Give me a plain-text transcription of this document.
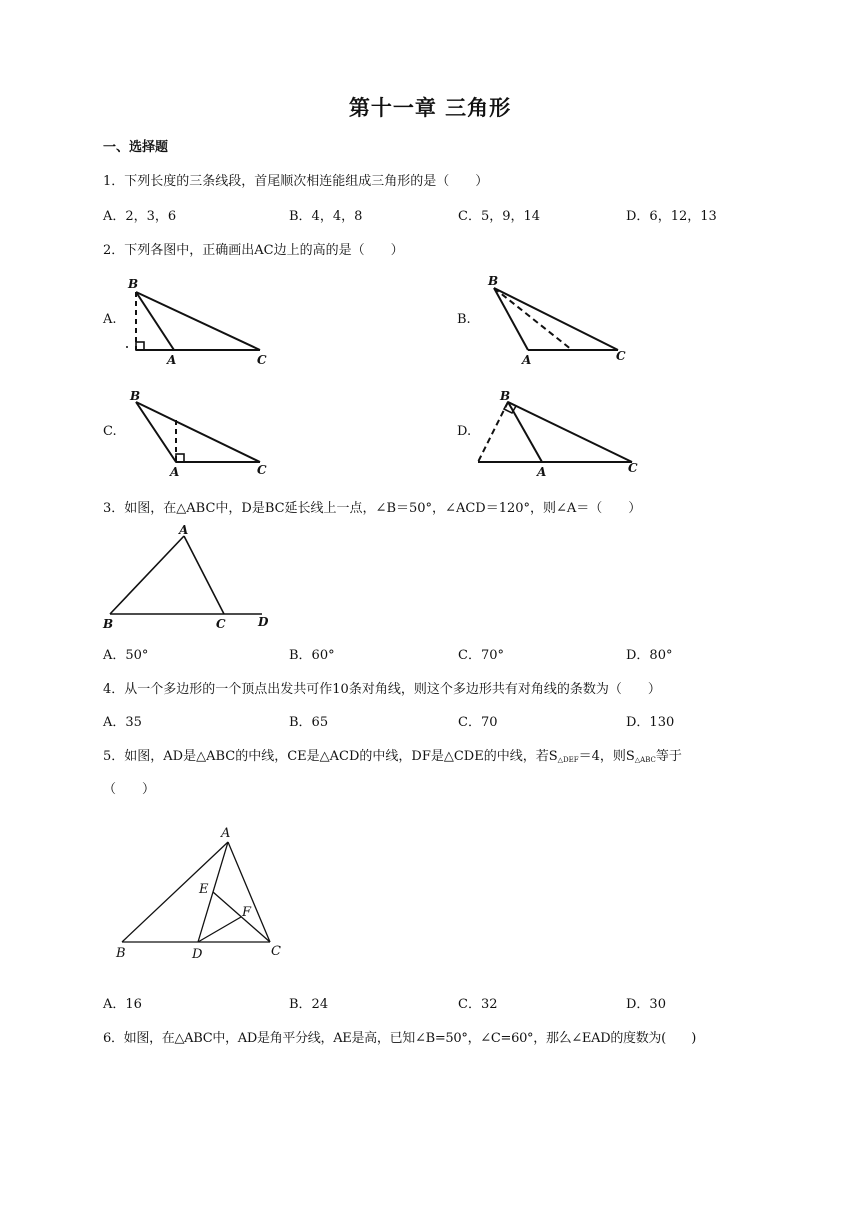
第十一章 三角形
一、选择题
1．下列长度的三条线段，首尾顺次相连能组成三角形的是（　　）
A．2，3，6	B．4，4，8	C．5，9，14	D．6，12，13
2．下列各图中，正确画出AC边上的高的是（　　）
A.
B
A	C
B.
B
A	C
C.
B
A	C
D.
B
A	C
3．如图，在△ABC中，D是BC延长线上一点，∠B＝50°，∠ACD＝120°，则∠A＝（　　）
A
B	C	D
A．50°	B．60°	C．70°	D．80°
4．从一个多边形的一个顶点出发共可作10条对角线，则这个多边形共有对角线的条数为（　　）
A．35	B．65	C．70	D．130
5．如图，AD是△ABC的中线，CE是△ACD的中线，DF是△CDE的中线，若$S_{\triangle DEF}=4$，则$S_{\triangle ABC}$等于
（　　）
A
B	C
D
E
F
A．16	B．24	C．32	D．30
6．如图，在△ABC中，AD是角平分线，AE是高，已知∠B=50°，∠C=60°，那么∠EAD的度数为(　　)
